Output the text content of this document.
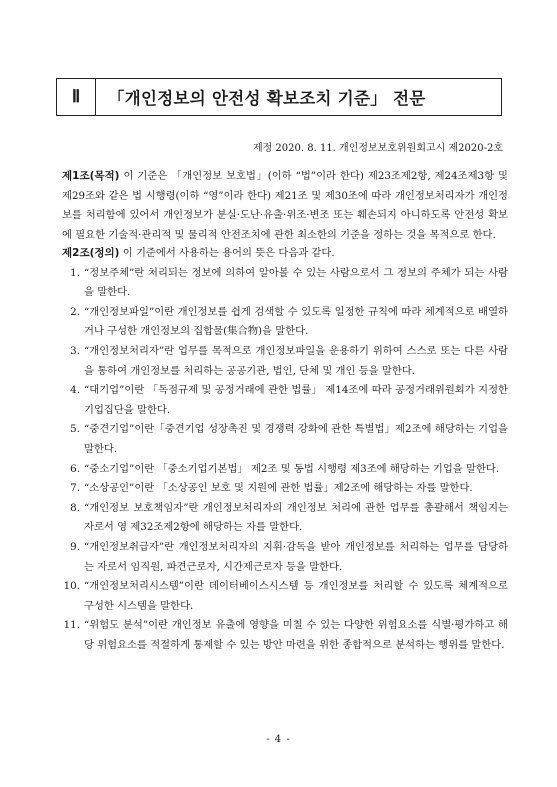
Ⅱ	「개인정보의 안전성 확보조치 기준」 전문
제정 2020. 8. 11. 개인정보보호위원회고시 제2020-2호
제1조(목적) 이 기준은 「개인정보 보호법」(이하 “법”이라 한다) 제23조제2항, 제24조제3항 및 제29조와 같은 법 시행령(이하 “영”이라 한다) 제21조 및 제30조에 따라 개인정보처리자가 개인정보를 처리함에 있어서 개인정보가 분실·도난·유출·위조·변조 또는 훼손되지 아니하도록 안전성 확보에 필요한 기술적·관리적 및 물리적 안전조치에 관한 최소한의 기준을 정하는 것을 목적으로 한다.
제2조(정의) 이 기준에서 사용하는 용어의 뜻은 다음과 같다.
1. “정보주체”란 처리되는 정보에 의하여 알아볼 수 있는 사람으로서 그 정보의 주체가 되는 사람을 말한다.
2. “개인정보파일”이란 개인정보를 쉽게 검색할 수 있도록 일정한 규칙에 따라 체계적으로 배열하거나 구성한 개인정보의 집합물(集合物)을 말한다.
3. “개인정보처리자”란 업무를 목적으로 개인정보파일을 운용하기 위하여 스스로 또는 다른 사람을 통하여 개인정보를 처리하는 공공기관, 법인, 단체 및 개인 등을 말한다.
4. “대기업”이란 「독점규제 및 공정거래에 관한 법률」 제14조에 따라 공정거래위원회가 지정한 기업집단을 말한다.
5. “중견기업”이란「중견기업 성장촉진 및 경쟁력 강화에 관한 특별법」제2조에 해당하는 기업을 말한다.
6. “중소기업”이란 「중소기업기본법」 제2조 및 동법 시행령 제3조에 해당하는 기업을 말한다.
7. “소상공인”이란 「소상공인 보호 및 지원에 관한 법률」제2조에 해당하는 자를 말한다.
8. “개인정보 보호책임자”란 개인정보처리자의 개인정보 처리에 관한 업무를 총괄해서 책임지는 자로서 영 제32조제2항에 해당하는 자를 말한다.
9. “개인정보취급자”란 개인정보처리자의 지휘·감독을 받아 개인정보를 처리하는 업무를 담당하는 자로서 임직원, 파견근로자, 시간제근로자 등을 말한다.
10. “개인정보처리시스템”이란 데이터베이스시스템 등 개인정보를 처리할 수 있도록 체계적으로 구성한 시스템을 말한다.
11. “위험도 분석”이란 개인정보 유출에 영향을 미칠 수 있는 다양한 위험요소를 식별·평가하고 해당 위험요소를 적절하게 통제할 수 있는 방안 마련을 위한 종합적으로 분석하는 행위를 말한다.
- 4 -
